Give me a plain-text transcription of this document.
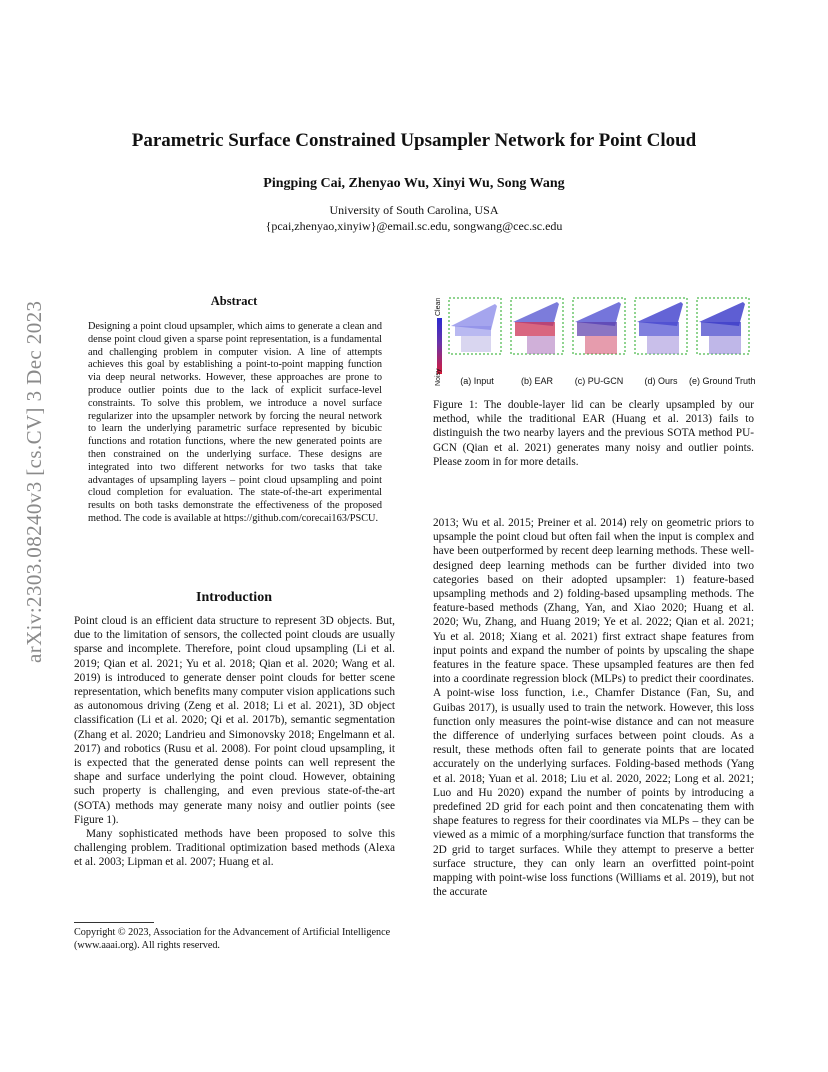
arXiv:2303.08240v3 [cs.CV] 3 Dec 2023
Parametric Surface Constrained Upsampler Network for Point Cloud
Pingping Cai, Zhenyao Wu, Xinyi Wu, Song Wang
University of South Carolina, USA
{pcai,zhenyao,xinyiw}@email.sc.edu, songwang@cec.sc.edu
Abstract
Designing a point cloud upsampler, which aims to generate a clean and dense point cloud given a sparse point representation, is a fundamental and challenging problem in computer vision. A line of attempts achieves this goal by establishing a point-to-point mapping function via deep neural networks. However, these approaches are prone to produce outlier points due to the lack of explicit surface-level constraints. To solve this problem, we introduce a novel surface regularizer into the upsampler network by forcing the neural network to learn the underlying parametric surface represented by bicubic functions and rotation functions, where the new generated points are then constrained on the underlying surface. These designs are integrated into two different networks for two tasks that take advantages of upsampling layers – point cloud upsampling and point cloud completion for evaluation. The state-of-the-art experimental results on both tasks demonstrate the effectiveness of the proposed method. The code is available at https://github.com/corecai163/PSCU.
Introduction

Point cloud is an efficient data structure to represent 3D objects. But, due to the limitation of sensors, the collected point clouds are usually sparse and incomplete. Therefore, point cloud upsampling (Li et al. 2019; Qian et al. 2021; Yu et al. 2018; Qian et al. 2020; Wang et al. 2019) is introduced to generate denser point clouds for better scene representation, which benefits many computer vision applications such as autonomous driving (Zeng et al. 2018; Li et al. 2021), 3D object classification (Li et al. 2020; Qi et al. 2017b), semantic segmentation (Zhang et al. 2020; Landrieu and Simonovsky 2018; Engelmann et al. 2017) and robotics (Rusu et al. 2008). For point cloud upsampling, it is expected that the generated dense points can well represent the shape and surface underlying the point cloud. However, obtaining such property is challenging, and even previous state-of-the-art (SOTA) methods may generate many noisy and outlier points (see Figure 1).

Many sophisticated methods have been proposed to solve this challenging problem. Traditional optimization based methods (Alexa et al. 2003; Lipman et al. 2007; Huang et al.

Copyright © 2023, Association for the Advancement of Artificial Intelligence (www.aaai.org). All rights reserved.
Clean
Noisy	(a) Input	(b) EAR	(c) PU-GCN	(d) Ours	(e) Ground Truth
Figure 1: The double-layer lid can be clearly upsampled by our method, while the traditional EAR (Huang et al. 2013) fails to distinguish the two nearby layers and the previous SOTA method PU-GCN (Qian et al. 2021) generates many noisy and outlier points. Please zoom in for more details.

2013; Wu et al. 2015; Preiner et al. 2014) rely on geometric priors to upsample the point cloud but often fail when the input is complex and have been outperformed by recent deep learning methods. These well-designed deep learning methods can be further divided into two categories based on their adopted upsampler: 1) feature-based upsampling methods and 2) folding-based upsampling methods. The feature-based methods (Zhang, Yan, and Xiao 2020; Huang et al. 2020; Wu, Zhang, and Huang 2019; Ye et al. 2022; Qian et al. 2021; Yu et al. 2018; Xiang et al. 2021) first extract shape features from input points and expand the number of points by upscaling the shape features in the feature space. These upsampled features are then fed into a coordinate regression block (MLPs) to predict their coordinates. A point-wise loss function, i.e., Chamfer Distance (Fan, Su, and Guibas 2017), is usually used to train the network. However, this loss function only measures the point-wise distance and can not measure the difference of underlying surfaces between point clouds. As a result, these methods often fail to generate points that are located accurately on the underlying surfaces. Folding-based methods (Yang et al. 2018; Yuan et al. 2018; Liu et al. 2020, 2022; Long et al. 2021; Luo and Hu 2020) expand the number of points by introducing a predefined 2D grid for each point and then concatenating them with shape features to regress for their coordinates via MLPs – they can be viewed as a mimic of a morphing/surface function that transforms the 2D grid to target surfaces. While they attempt to preserve a better surface structure, they can only learn an overfitted point-point mapping with point-wise loss functions (Williams et al. 2019), but not the accurate
